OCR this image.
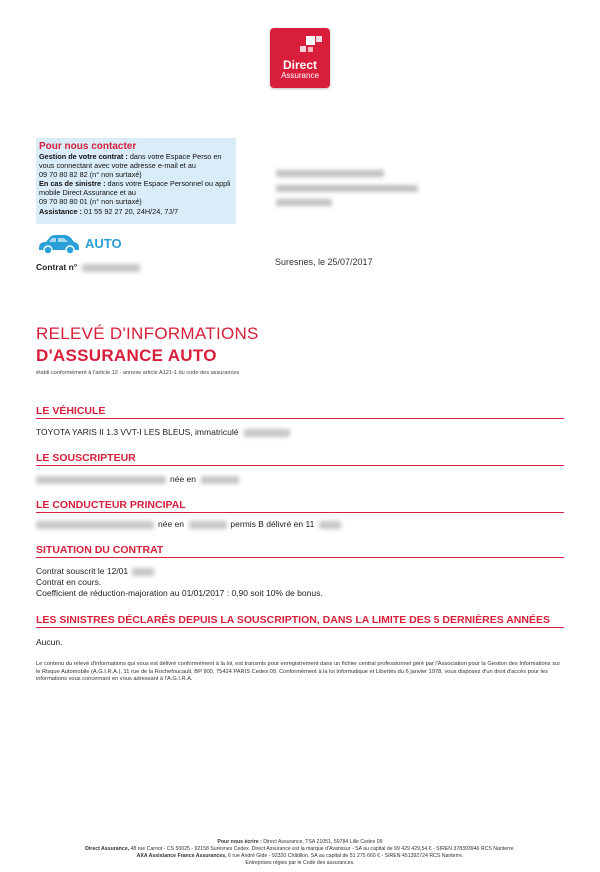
Direct
Assurance
Pour nous contacter
Gestion de votre contrat : dans votre Espace Perso en vous connectant avec votre adresse e-mail et au
09 70 80 82 82 (n° non surtaxé)
En cas de sinistre : dans votre Espace Personnel ou appli mobile Direct Assurance et au
09 70 80 80 01 (n° non surtaxé)
Assistance : 01 55 92 27 20, 24H/24, 7J/7
AUTO
Contrat n°	Suresnes, le 25/07/2017
RELEVÉ D'INFORMATIONS
D'ASSURANCE AUTO
établi conformément à l'article 12 - annexe article A121-1 du code des assurances
LE VÉHICULE
TOYOTA YARIS II 1.3 VVT-I LES BLEUS, immatriculé
LE SOUSCRIPTEUR
née en
LE CONDUCTEUR PRINCIPAL
née en	permis B délivré en 11
SITUATION DU CONTRAT
Contrat souscrit le 12/01
Contrat en cours.
Coefficient de réduction-majoration au 01/01/2017 : 0,90 soit 10% de bonus.
LES SINISTRES DÉCLARÉS DEPUIS LA SOUSCRIPTION, DANS LA LIMITE DES 5 DERNIÈRES ANNÉES
Aucun.
Le contenu du relevé d'informations qui vous est délivré conformément à la loi, est transmis pour enregistrement dans un fichier central professionnel géré par l'Association pour la Gestion des Informations sur le Risque Automobile (A.G.I.R.A.), 11 rue de la Rochefoucault, BP 900, 75424 PARIS Cedex 09. Conformément à la loi Informatique et Libertés du 6 janvier 1978, vous disposez d'un droit d'accès pour les informations vous concernant en vous adressant à l'A.G.I.R.A.
Pour nous écrire : Direct Assurance, TSA 21051, 59784 Lille Cedex 09
Direct Assurance, 48 rue Carnot - CS 50025 - 92158 Suresnes Cedex. Direct Assurance est la marque d'Avanssur - SA au capital de 99 429 429,54 € - SIREN 378393946 RCS Nanterre.
AXA Assistance France Assurances, 6 rue André Gide - 92320 Châtillon. SA au capital de 51 275 660 € - SIREN 451392724 RCS Nanterre.
Entreprises régies par le Code des assurances.
